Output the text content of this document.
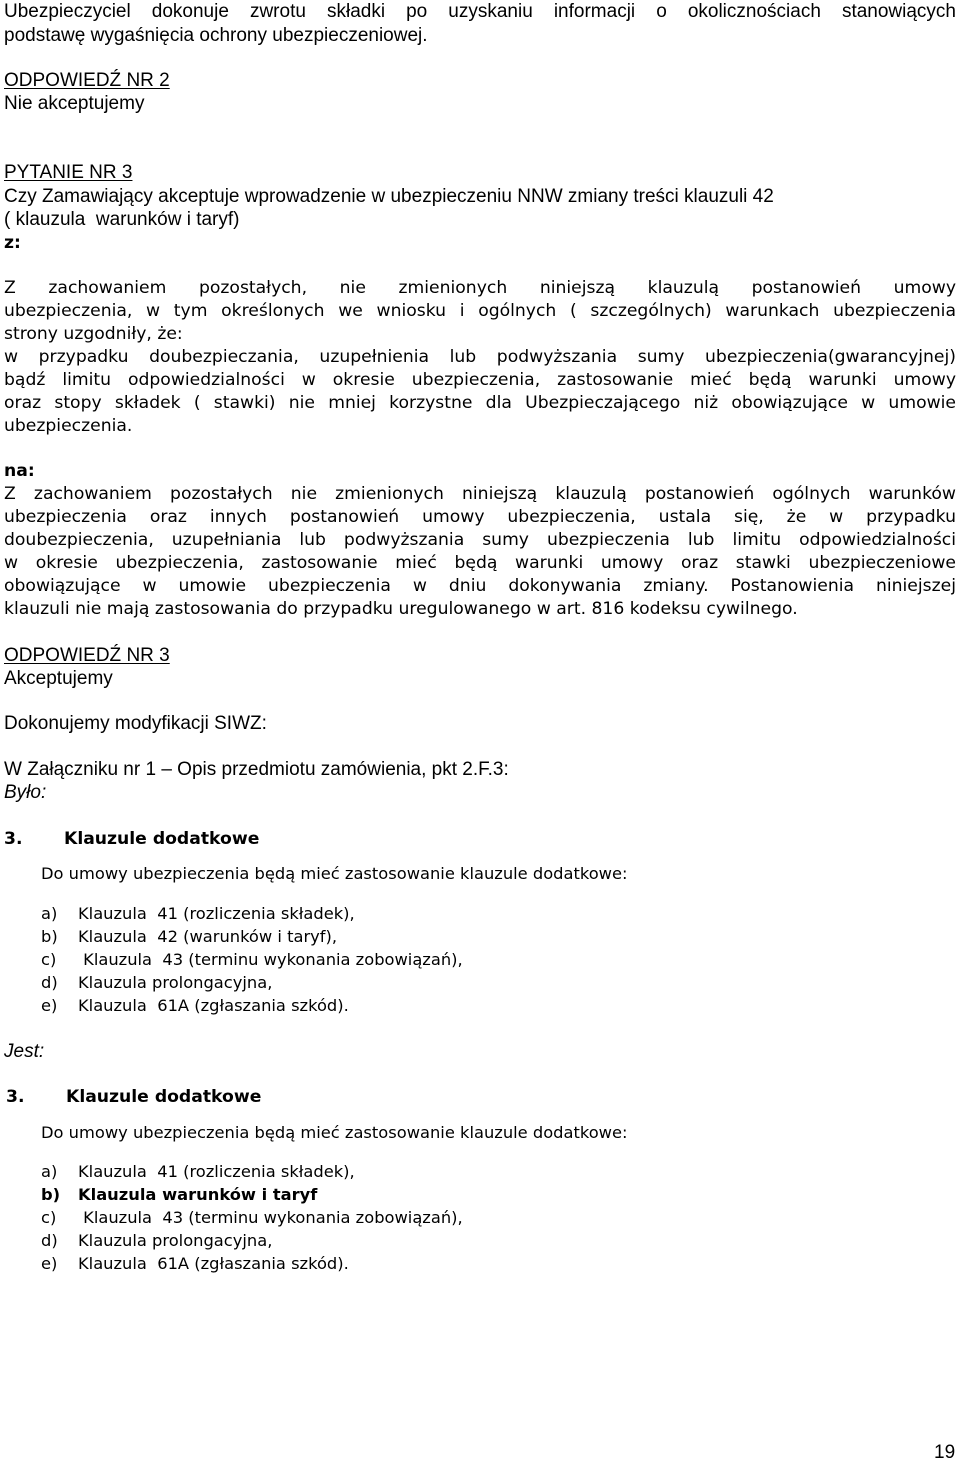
Ubezpieczyciel dokonuje zwrotu składki po uzyskaniu informacji o okolicznościach stanowiących

podstawę wygaśnięcia ochrony ubezpieczeniowej.

ODPOWIEDŹ NR 2

Nie akceptujemy

PYTANIE NR 3

Czy Zamawiający akceptuje wprowadzenie w ubezpieczeniu NNW zmiany treści klauzuli 42

( klauzula  warunków i taryf)

z:

Z zachowaniem pozostałych, nie zmienionych niniejszą klauzulą postanowień umowy

ubezpieczenia, w tym określonych we wniosku i ogólnych ( szczególnych) warunkach ubezpieczenia

strony uzgodniły, że:

w przypadku doubezpieczania, uzupełnienia lub podwyższania sumy ubezpieczenia(gwarancyjnej)

bądź limitu odpowiedzialności w okresie ubezpieczenia, zastosowanie mieć będą warunki umowy

oraz stopy składek ( stawki) nie mniej korzystne dla Ubezpieczającego niż obowiązujące w umowie

ubezpieczenia.

na:

Z zachowaniem pozostałych nie zmienionych niniejszą klauzulą postanowień ogólnych warunków

ubezpieczenia oraz innych postanowień umowy ubezpieczenia, ustala się, że w przypadku

doubezpieczenia, uzupełniania lub podwyższania sumy ubezpieczenia lub limitu odpowiedzialności

w okresie ubezpieczenia, zastosowanie mieć będą warunki umowy oraz stawki ubezpieczeniowe

obowiązujące w umowie ubezpieczenia w dniu dokonywania zmiany. Postanowienia niniejszej

klauzuli nie mają zastosowania do przypadku uregulowanego w art. 816 kodeksu cywilnego.

ODPOWIEDŹ NR 3

Akceptujemy

Dokonujemy modyfikacji SIWZ:

W Załączniku nr 1 – Opis przedmiotu zamówienia, pkt 2.F.3:

Było:

3. Klauzule dodatkowe

Do umowy ubezpieczenia będą mieć zastosowanie klauzule dodatkowe:

a) Klauzula  41 (rozliczenia składek),

b) Klauzula  42 (warunków i taryf),

c) Klauzula  43 (terminu wykonania zobowiązań),

d) Klauzula prolongacyjna,

e) Klauzula  61A (zgłaszania szkód).

Jest:

3. Klauzule dodatkowe

Do umowy ubezpieczenia będą mieć zastosowanie klauzule dodatkowe:

a) Klauzula  41 (rozliczenia składek),

b) Klauzula warunków i taryf

c) Klauzula  43 (terminu wykonania zobowiązań),

d) Klauzula prolongacyjna,

e) Klauzula  61A (zgłaszania szkód).

19
